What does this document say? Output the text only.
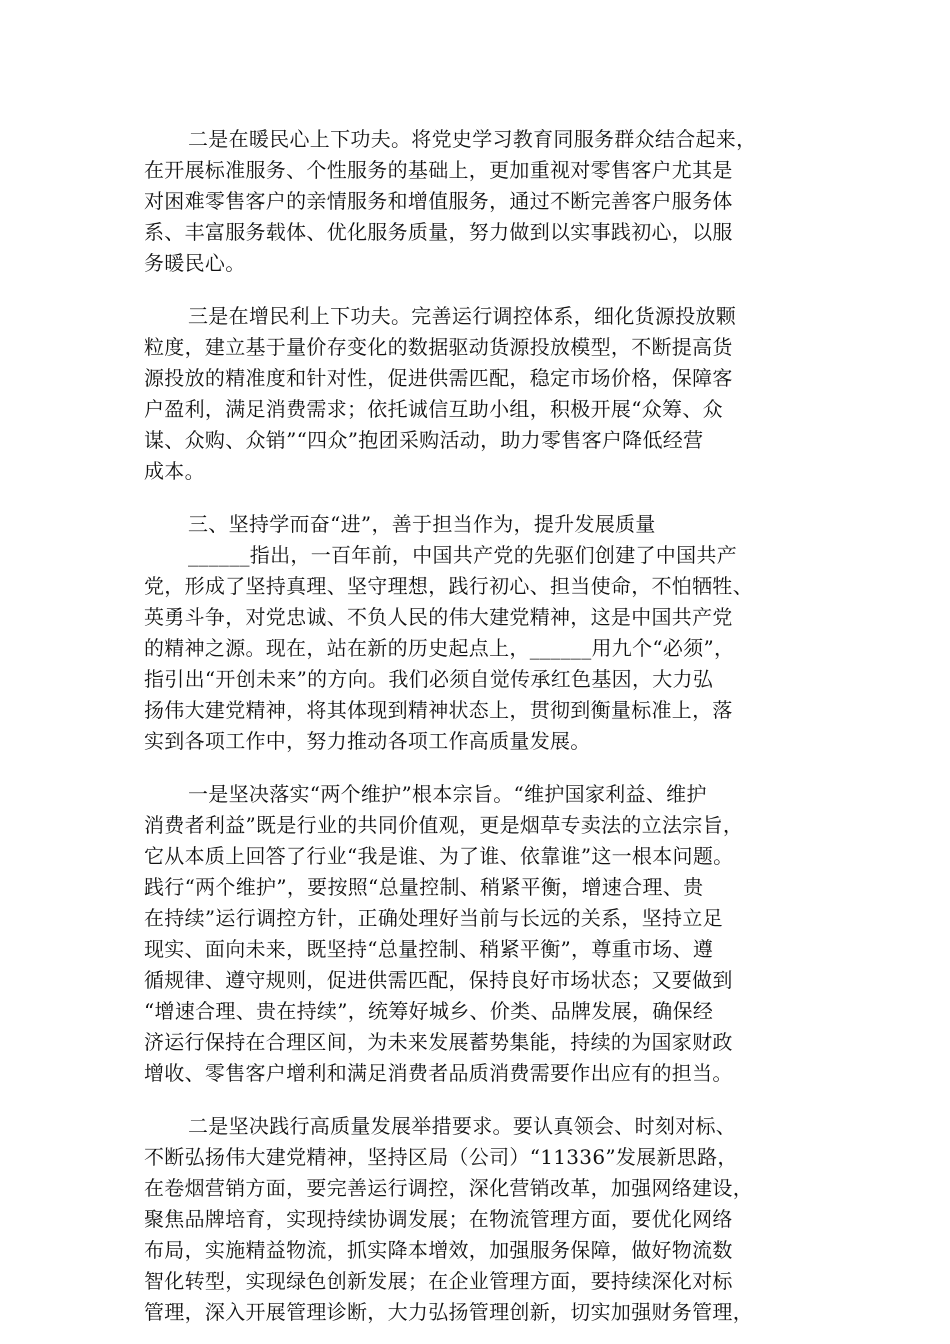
二是在暖民心上下功夫。将党史学习教育同服务群众结合起来，
在开展标准服务、个性服务的基础上，更加重视对零售客户尤其是
对困难零售客户的亲情服务和增值服务，通过不断完善客户服务体
系、丰富服务载体、优化服务质量，努力做到以实事践初心，以服
务暖民心。
三是在增民利上下功夫。完善运行调控体系，细化货源投放颗
粒度，建立基于量价存变化的数据驱动货源投放模型，不断提高货
源投放的精准度和针对性，促进供需匹配，稳定市场价格，保障客
户盈利，满足消费需求；依托诚信互助小组，积极开展“众筹、众
谋、众购、众销”“四众”抱团采购活动，助力零售客户降低经营
成本。
三、坚持学而奋“进”，善于担当作为，提升发展质量
______指出，一百年前，中国共产党的先驱们创建了中国共产
党，形成了坚持真理、坚守理想，践行初心、担当使命，不怕牺牲、
英勇斗争，对党忠诚、不负人民的伟大建党精神，这是中国共产党
的精神之源。现在，站在新的历史起点上，______用九个“必须”，
指引出“开创未来”的方向。我们必须自觉传承红色基因，大力弘
扬伟大建党精神，将其体现到精神状态上，贯彻到衡量标准上，落
实到各项工作中，努力推动各项工作高质量发展。
一是坚决落实“两个维护”根本宗旨。“维护国家利益、维护
消费者利益”既是行业的共同价值观，更是烟草专卖法的立法宗旨，
它从本质上回答了行业“我是谁、为了谁、依靠谁”这一根本问题。
践行“两个维护”，要按照“总量控制、稍紧平衡，增速合理、贵
在持续”运行调控方针，正确处理好当前与长远的关系，坚持立足
现实、面向未来，既坚持“总量控制、稍紧平衡”，尊重市场、遵
循规律、遵守规则，促进供需匹配，保持良好市场状态；又要做到
“增速合理、贵在持续”，统筹好城乡、价类、品牌发展，确保经
济运行保持在合理区间，为未来发展蓄势集能，持续的为国家财政
增收、零售客户增利和满足消费者品质消费需要作出应有的担当。
二是坚决践行高质量发展举措要求。要认真领会、时刻对标、
不断弘扬伟大建党精神，坚持区局（公司）“11336”发展新思路，
在卷烟营销方面，要完善运行调控，深化营销改革，加强网络建设，
聚焦品牌培育，实现持续协调发展；在物流管理方面，要优化网络
布局，实施精益物流，抓实降本增效，加强服务保障，做好物流数
智化转型，实现绿色创新发展；在企业管理方面，要持续深化对标
管理，深入开展管理诊断，大力弘扬管理创新，切实加强财务管理，
